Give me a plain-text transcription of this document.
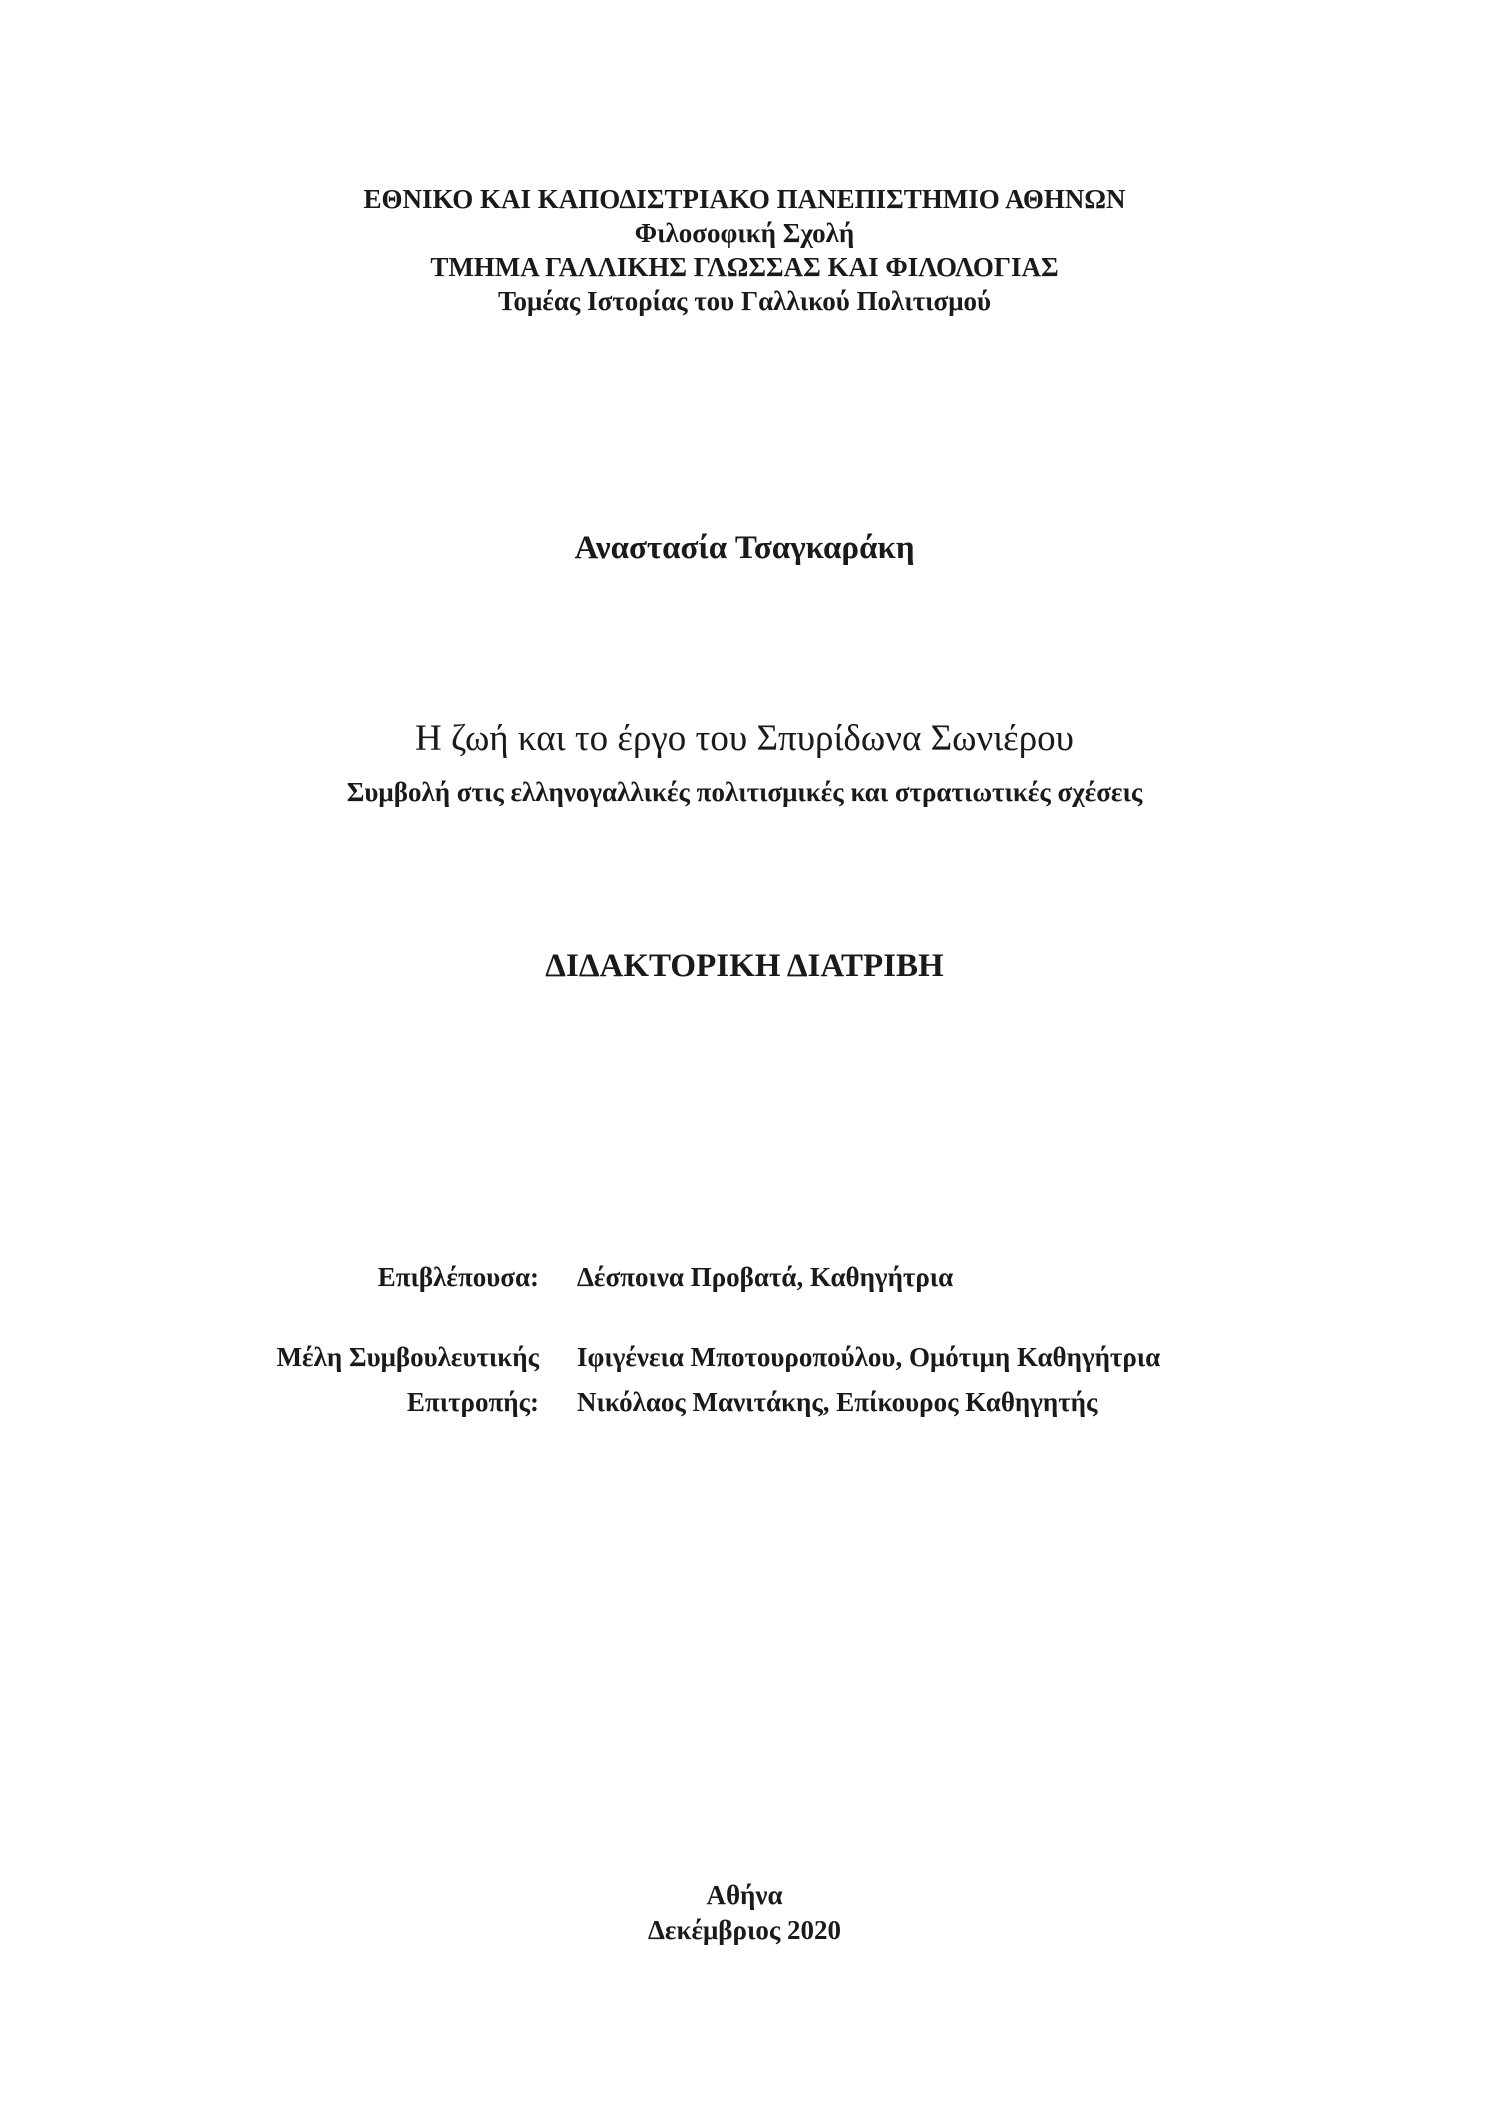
ΕΘΝΙΚΟ ΚΑΙ ΚΑΠΟΔΙΣΤΡΙΑΚΟ ΠΑΝΕΠΙΣΤΗΜΙΟ ΑΘΗΝΩΝ
Φιλοσοφική Σχολή
ΤΜΗΜΑ ΓΑΛΛΙΚΗΣ ΓΛΩΣΣΑΣ ΚΑΙ ΦΙΛΟΛΟΓΙΑΣ
Τομέας Ιστορίας του Γαλλικού Πολιτισμού
Αναστασία Τσαγκαράκη
Η ζωή και το έργο του Σπυρίδωνα Σωνιέρου
Συμβολή στις ελληνογαλλικές πολιτισμικές και στρατιωτικές σχέσεις
ΔΙΔΑΚΤΟΡΙΚΗ ΔΙΑΤΡΙΒΗ
Επιβλέπουσα: Δέσποινα Προβατά, Καθηγήτρια
Μέλη Συμβουλευτικής Ιφιγένεια Μποτουροπούλου, Ομότιμη Καθηγήτρια
Επιτροπής: Νικόλαος Μανιτάκης, Επίκουρος Καθηγητής
Αθήνα
Δεκέμβριος 2020
